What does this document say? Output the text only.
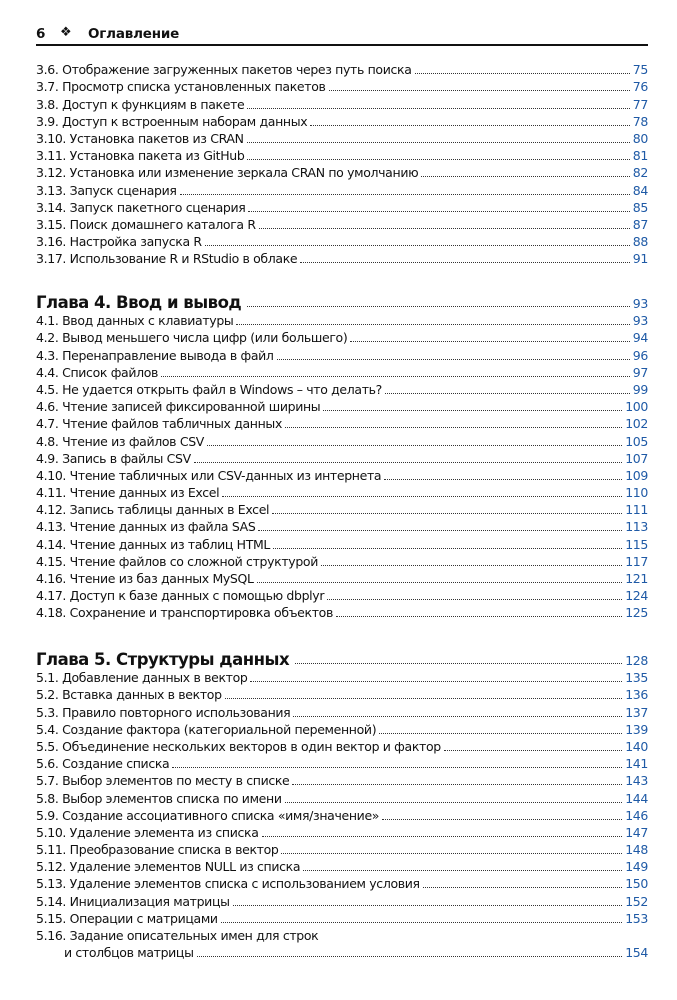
6 ❖ Оглавление
3.6. Отображение загруженных пакетов через путь поиска	75
3.7. Просмотр списка установленных пакетов	76
3.8. Доступ к функциям в пакете	77
3.9. Доступ к встроенным наборам данных	78
3.10. Установка пакетов из CRAN	80
3.11. Установка пакета из GitHub	81
3.12. Установка или изменение зеркала CRAN по умолчанию	82
3.13. Запуск сценария	84
3.14. Запуск пакетного сценария	85
3.15. Поиск домашнего каталога R	87
3.16. Настройка запуска R	88
3.17. Использование R и RStudio в облаке	91
Глава 4. Ввод и вывод	93
4.1. Ввод данных с клавиатуры	93
4.2. Вывод меньшего числа цифр (или большего)	94
4.3. Перенаправление вывода в файл	96
4.4. Список файлов	97
4.5. Не удается открыть файл в Windows – что делать?	99
4.6. Чтение записей фиксированной ширины	100
4.7. Чтение файлов табличных данных	102
4.8. Чтение из файлов CSV	105
4.9. Запись в файлы CSV	107
4.10. Чтение табличных или CSV-данных из интернета	109
4.11. Чтение данных из Excel	110
4.12. Запись таблицы данных в Excel	111
4.13. Чтение данных из файла SAS	113
4.14. Чтение данных из таблиц HTML	115
4.15. Чтение файлов со сложной структурой	117
4.16. Чтение из баз данных MySQL	121
4.17. Доступ к базе данных с помощью dbplyr	124
4.18. Сохранение и транспортировка объектов	125
Глава 5. Структуры данных	128
5.1. Добавление данных в вектор	135
5.2. Вставка данных в вектор	136
5.3. Правило повторного использования	137
5.4. Создание фактора (категориальной переменной)	139
5.5. Объединение нескольких векторов в один вектор и фактор	140
5.6. Создание списка	141
5.7. Выбор элементов по месту в списке	143
5.8. Выбор элементов списка по имени	144
5.9. Создание ассоциативного списка «имя/значение»	146
5.10. Удаление элемента из списка	147
5.11. Преобразование списка в вектор	148
5.12. Удаление элементов NULL из списка	149
5.13. Удаление элементов списка с использованием условия	150
5.14. Инициализация матрицы	152
5.15. Операции с матрицами	153
5.16. Задание описательных имен для строк
и столбцов матрицы	154
